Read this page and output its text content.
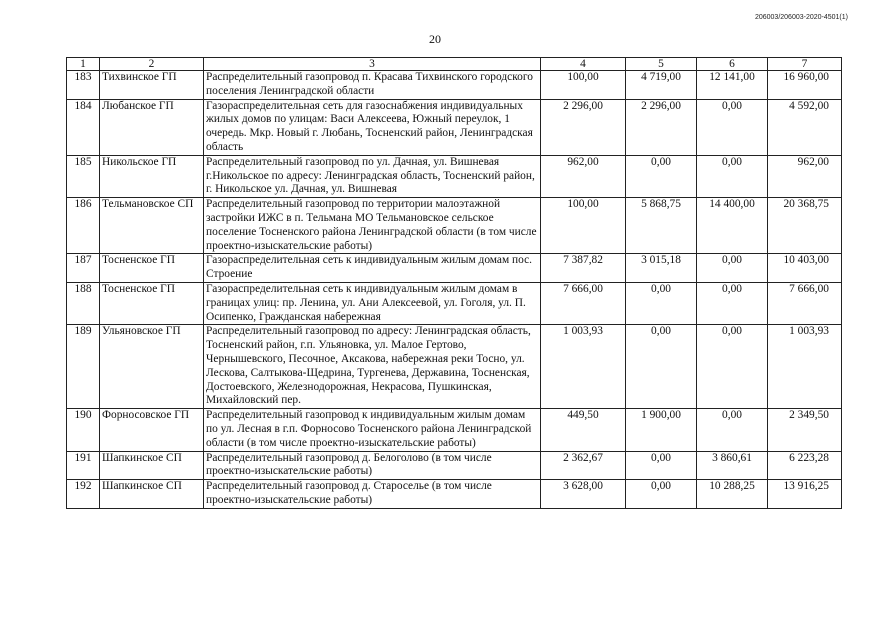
206003/206003-2020-4501(1)
20
1	2	3	4	5	6	7
183	Тихвинское ГП	Распределительный газопровод п. Красава Тихвинского городского поселения Ленинградской области	100,00	4 719,00	12 141,00	16 960,00
184	Любанское ГП	Газораспределительная сеть для газоснабжения индивидуальных жилых домов по улицам: Васи Алексеева, Южный переулок, 1 очередь. Мкр. Новый г. Любань, Тосненский район, Ленинградская область	2 296,00	2 296,00	0,00	4 592,00
185	Никольское ГП	Распределительный газопровод по ул. Дачная, ул. Вишневая г.Никольское по адресу: Ленинградская область, Тосненский район, г. Никольское ул. Дачная, ул. Вишневая	962,00	0,00	0,00	962,00
186	Тельмановское СП	Распределительный газопровод по территории малоэтажной застройки ИЖС в п. Тельмана МО Тельмановское сельское поселение Тосненского района Ленинградской области (в том числе проектно-изыскательские работы)	100,00	5 868,75	14 400,00	20 368,75
187	Тосненское ГП	Газораспределительная сеть к индивидуальным жилым домам пос. Строение	7 387,82	3 015,18	0,00	10 403,00
188	Тосненское ГП	Газораспределительная сеть к индивидуальным жилым домам в границах улиц: пр. Ленина, ул. Ани Алексеевой, ул. Гоголя, ул. П. Осипенко, Гражданская набережная	7 666,00	0,00	0,00	7 666,00
189	Ульяновское ГП	Распределительный газопровод по адресу: Ленинградская область, Тосненский район, г.п. Ульяновка, ул. Малое Гертово, Чернышевского, Песочное, Аксакова, набережная реки Тосно, ул. Лескова, Салтыкова-Щедрина, Тургенева, Державина, Тосненская, Достоевского, Железнодорожная, Некрасова, Пушкинская, Михайловский пер.	1 003,93	0,00	0,00	1 003,93
190	Форносовское ГП	Распределительный газопровод к индивидуальным жилым домам по ул. Лесная в г.п. Форносово Тосненского района Ленинградской области (в том числе проектно-изыскательские работы)	449,50	1 900,00	0,00	2 349,50
191	Шапкинское СП	Распределительный газопровод д. Белоголово (в том числе проектно-изыскательские работы)	2 362,67	0,00	3 860,61	6 223,28
192	Шапкинское СП	Распределительный газопровод д. Староселье (в том числе проектно-изыскательские работы)	3 628,00	0,00	10 288,25	13 916,25
